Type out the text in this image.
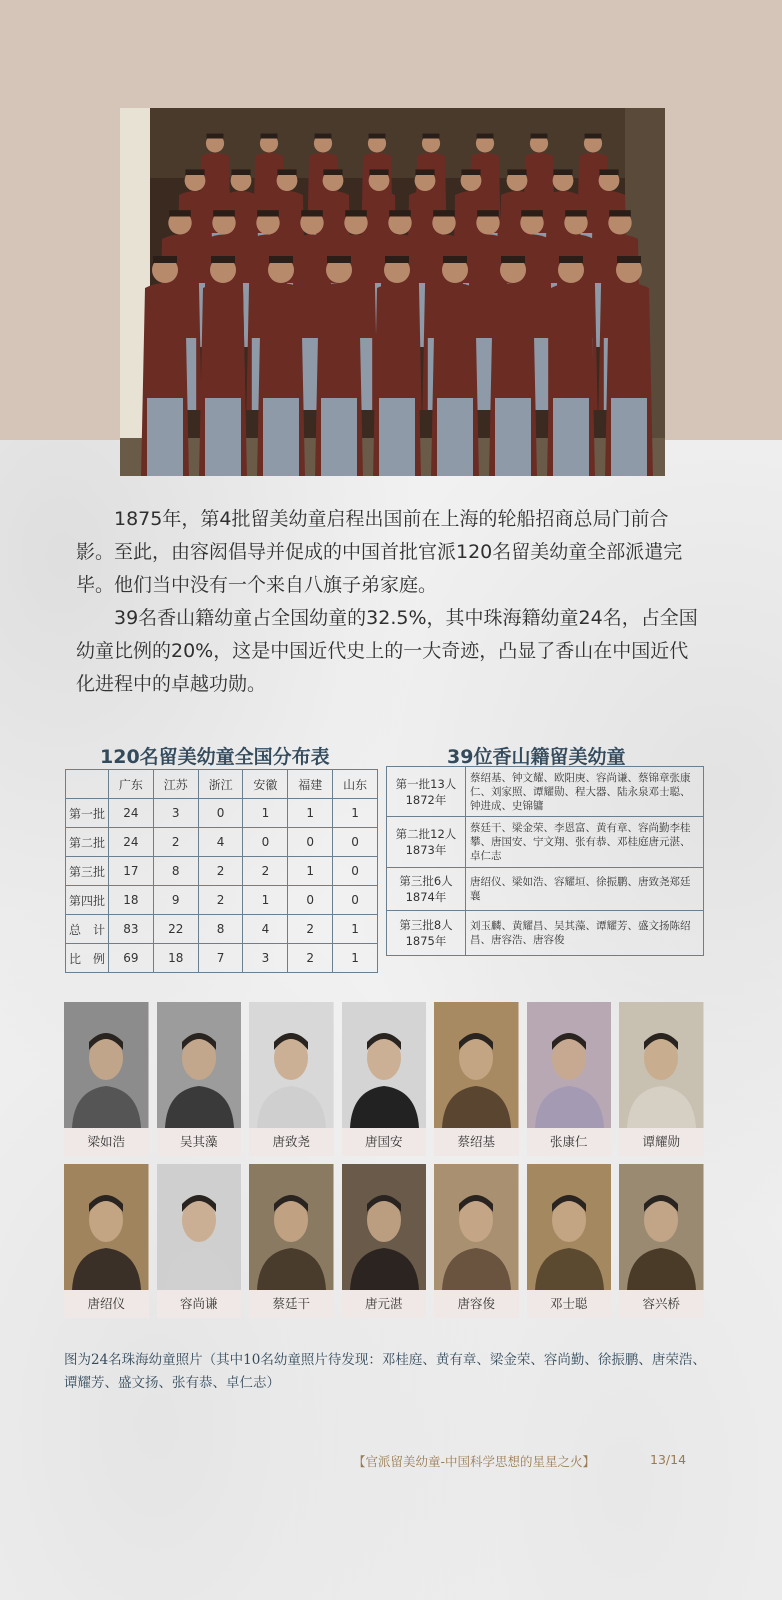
1875年，第4批留美幼童启程出国前在上海的轮船招商总局门前合影。至此，由容闳倡导并促成的中国首批官派120名留美幼童全部派遣完毕。他们当中没有一个来自八旗子弟家庭。

39名香山籍幼童占全国幼童的32.5%，其中珠海籍幼童24名，占全国幼童比例的20%，这是中国近代史上的一大奇迹，凸显了香山在中国近代化进程中的卓越功勋。

120名留美幼童全国分布表	39位香山籍留美幼童
	广东	江苏	浙江	安徽	福建	山东
第一批	24	3	0	1	1	1
第二批	24	2	4	0	0	0
第三批	17	8	2	2	1	0
第四批	18	9	2	1	0	0
总　计	83	22	8	4	2	1
比　例	69	18	7	3	2	1
第一批13人
1872年	蔡绍基、钟文耀、欧阳庚、容尚谦、蔡锦章张康仁、刘家照、谭耀勋、程大器、陆永泉邓士聪、钟进成、史锦镛

第二批12人
1873年	蔡廷干、梁金荣、李恩富、黄有章、容尚勤李桂攀、唐国安、宁文翔、张有恭、邓桂庭唐元湛、卓仁志

第三批6人
1874年	唐绍仪、梁如浩、容耀垣、徐振鹏、唐致尧郑廷襄

第三批8人
1875年	刘玉麟、黄耀昌、吴其藻、谭耀芳、盛文扬陈绍昌、唐容浩、唐容俊
梁如浩	吴其藻	唐致尧	唐国安	蔡绍基	张康仁	谭耀勋
唐绍仪	容尚谦	蔡廷干	唐元湛	唐容俊	邓士聪	容兴桥
图为24名珠海幼童照片（其中10名幼童照片待发现：邓桂庭、黄有章、梁金荣、容尚勤、徐振鹏、唐荣浩、谭耀芳、盛文扬、张有恭、卓仁志）
【官派留美幼童-中国科学思想的星星之火】	13/14
